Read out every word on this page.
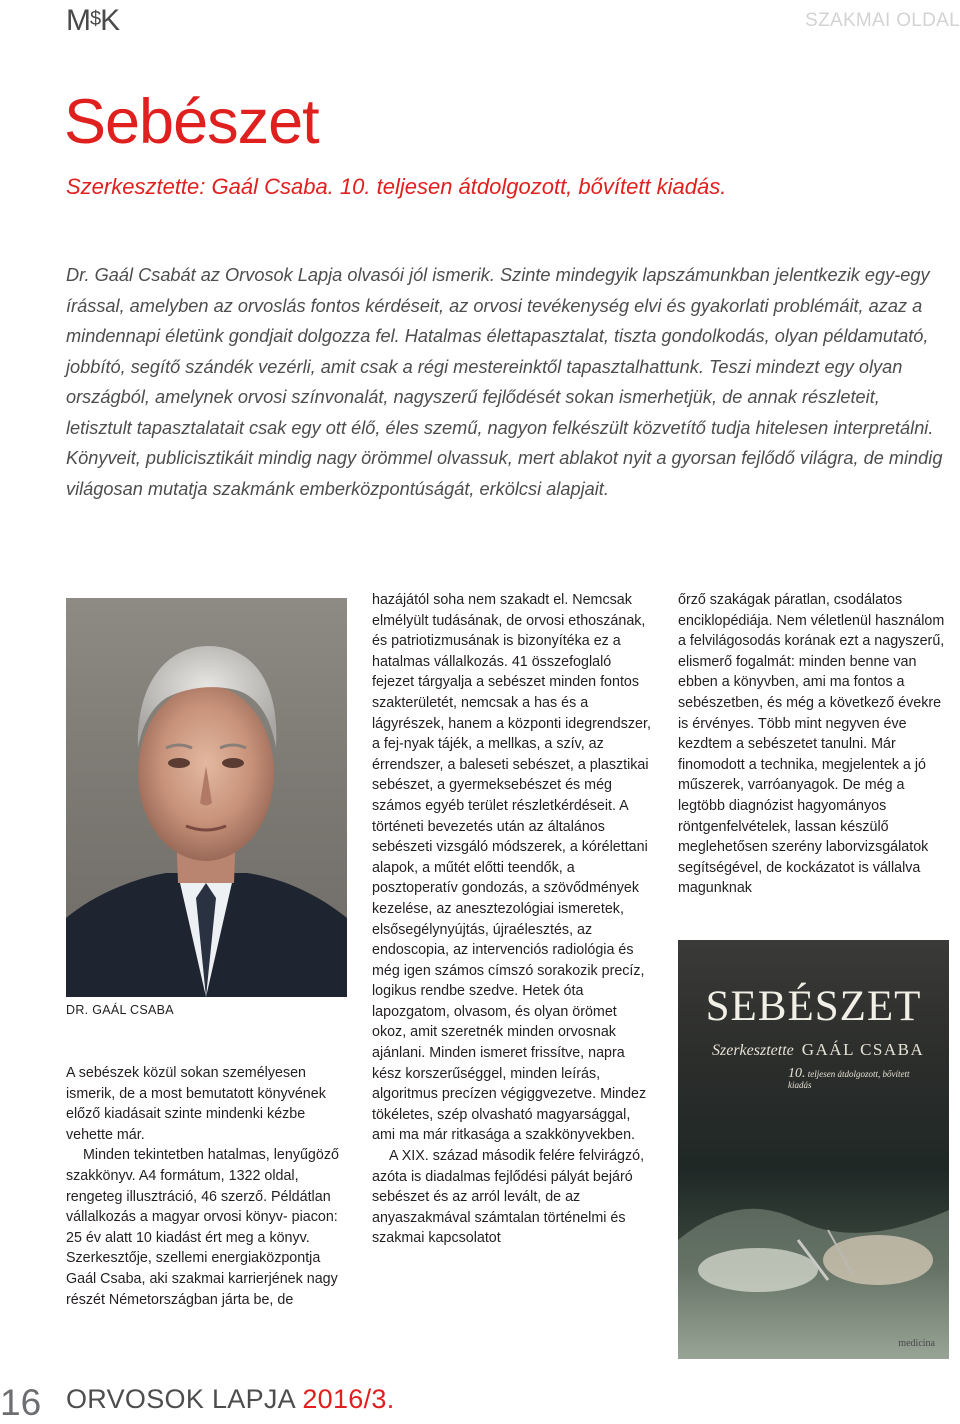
M$K	SZAKMAI OLDAL
Sebészet

Szerkesztette: Gaál Csaba. 10. teljesen átdolgozott, bővített kiadás.

Dr. Gaál Csabát az Orvosok Lapja olvasói jól ismerik. Szinte mindegyik lapszámunkban jelentkezik egy-egy írással, amelyben az orvoslás fontos kérdéseit, az orvosi tevékenység elvi és gyakorlati problémáit, azaz a mindennapi életünk gondjait dolgozza fel. Hatalmas élettapasztalat, tiszta gondolkodás, olyan példamutató, jobbító, segítő szándék vezérli, amit csak a régi mestereinktől tapasztalhattunk. Teszi mindezt egy olyan országból, amelynek orvosi színvonalát, nagyszerű fejlődését sokan ismerhetjük, de annak részleteit, letisztult tapasztalatait csak egy ott élő, éles szemű, nagyon felkészült közvetítő tudja hitelesen interpretálni. Könyveit, publicisztikáit mindig nagy örömmel olvassuk, mert ablakot nyit a gyorsan fejlődő világra, de mindig világosan mutatja szakmánk emberközpontúságát, erkölcsi alapjait.

DR. GAÁL CSABA

A sebészek közül sokan személyesen ismerik, de a most bemutatott könyvének előző kiadásait szinte mindenki kézbe vehette már.

Minden tekintetben hatalmas, lenyűgöző szakkönyv. A4 formátum, 1322 oldal, rengeteg illusztráció, 46 szerző. Példátlan vállalkozás a magyar orvosi könyv- piacon: 25 év alatt 10 kiadást ért meg a könyv. Szerkesztője, szellemi energiaközpontja Gaál Csaba, aki szakmai karrierjének nagy részét Németországban járta be, de

hazájától soha nem szakadt el. Nemcsak elmélyült tudásának, de orvosi ethoszának, és patriotizmusának is bizonyítéka ez a hatalmas vállalkozás. 41 összefoglaló fejezet tárgyalja a sebészet minden fontos szakterületét, nemcsak a has és a lágyrészek, hanem a központi idegrendszer, a fej-nyak tájék, a mellkas, a szív, az érrendszer, a baleseti sebészet, a plasztikai sebészet, a gyermeksebészet és még számos egyéb terület részletkérdéseit. A történeti bevezetés után az általános sebészeti vizsgáló módszerek, a kórélettani alapok, a műtét előtti teendők, a posztoperatív gondozás, a szövődmények kezelése, az anesztezológiai ismeretek, elsősegélynyújtás, újraélesztés, az endoscopia, az intervenciós radiológia és még igen számos címszó sorakozik precíz, logikus rendbe szedve. Hetek óta lapozgatom, olvasom, és olyan örömet okoz, amit szeretnék minden orvosnak ajánlani. Minden ismeret frissítve, napra kész korszerűséggel, minden leírás, algoritmus precízen végiggvezetve. Mindez tökéletes, szép olvasható magyarsággal, ami ma már ritkasága a szakkönyvekben.

A XIX. század második felére felvirágzó, azóta is diadalmas fejlődési pályát bejáró sebészet és az arról levált, de az anyaszakmával számtalan történelmi és szakmai kapcsolatot

őrző szakágak páratlan, csodálatos enciklopédiája. Nem véletlenül használom a felvilágosodás korának ezt a nagyszerű, elismerő fogalmát: minden benne van ebben a könyvben, ami ma fontos a sebészetben, és még a következő évekre is érvényes. Több mint negyven éve kezdtem a sebészetet tanulni. Már finomodott a technika, megjelentek a jó műszerek, varróanyagok. De még a legtöbb diagnózist hagyományos röntgenfelvételek, lassan készülő meglehetősen szerény laborvizsgálatok segítségével, de kockázatot is vállalva magunknak

SEBÉSZET
Szerkesztette GAÁL CSABA
10. teljesen átdolgozott, bővített kiadás
medicina
16 ORVOSOK LAPJA 2016/3.
